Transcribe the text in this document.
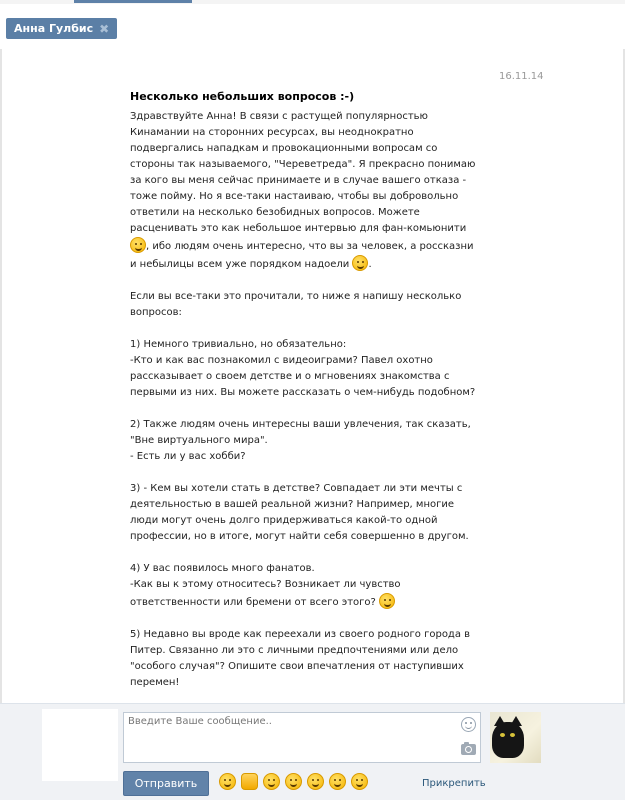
Анна Гулбис ✖
16.11.14
Несколько небольших вопросов :-)

Здравствуйте Анна! В связи с растущей популярностью Кинамании на сторонних ресурсах, вы неоднократно подвергались нападкам и провокационными вопросам со стороны так называемого, "Череветреда". Я прекрасно понимаю за кого вы меня сейчас принимаете и в случае вашего отказа - тоже пойму. Но я все-таки настаиваю, чтобы вы добровольно ответили на несколько безобидных вопросов. Можете расценивать это как небольшое интервью для фан-комьюнити , ибо людям очень интересно, что вы за человек, а россказни и небылицы всем уже порядком надоели .

Если вы все-таки это прочитали, то ниже я напишу несколько вопросов:

1) Немного тривиально, но обязательно:

-Кто и как вас познакомил с видеоиграми? Павел охотно рассказывает о своем детстве и о мгновениях знакомства с первыми из них. Вы можете рассказать о чем-нибудь подобном?

2) Также людям очень интересны ваши увлечения, так сказать, "Вне виртуального мира".

- Есть ли у вас хобби?

3) - Кем вы хотели стать в детстве? Совпадает ли эти мечты с деятельностью в вашей реальной жизни? Например, многие люди могут очень долго придерживаться какой-то одной профессии, но в итоге, могут найти себя совершенно в другом.

4) У вас появилось много фанатов.

-Как вы к этому относитесь? Возникает ли чувство ответственности или бремени от всего этого?

5) Недавно вы вроде как переехали из своего родного города в Питер. Связанно ли это с личными предпочтениями или дело "особого случая"? Опишите свои впечатления от наступивших перемен!

Введите Ваше сообщение..
Отправить	Прикрепить
